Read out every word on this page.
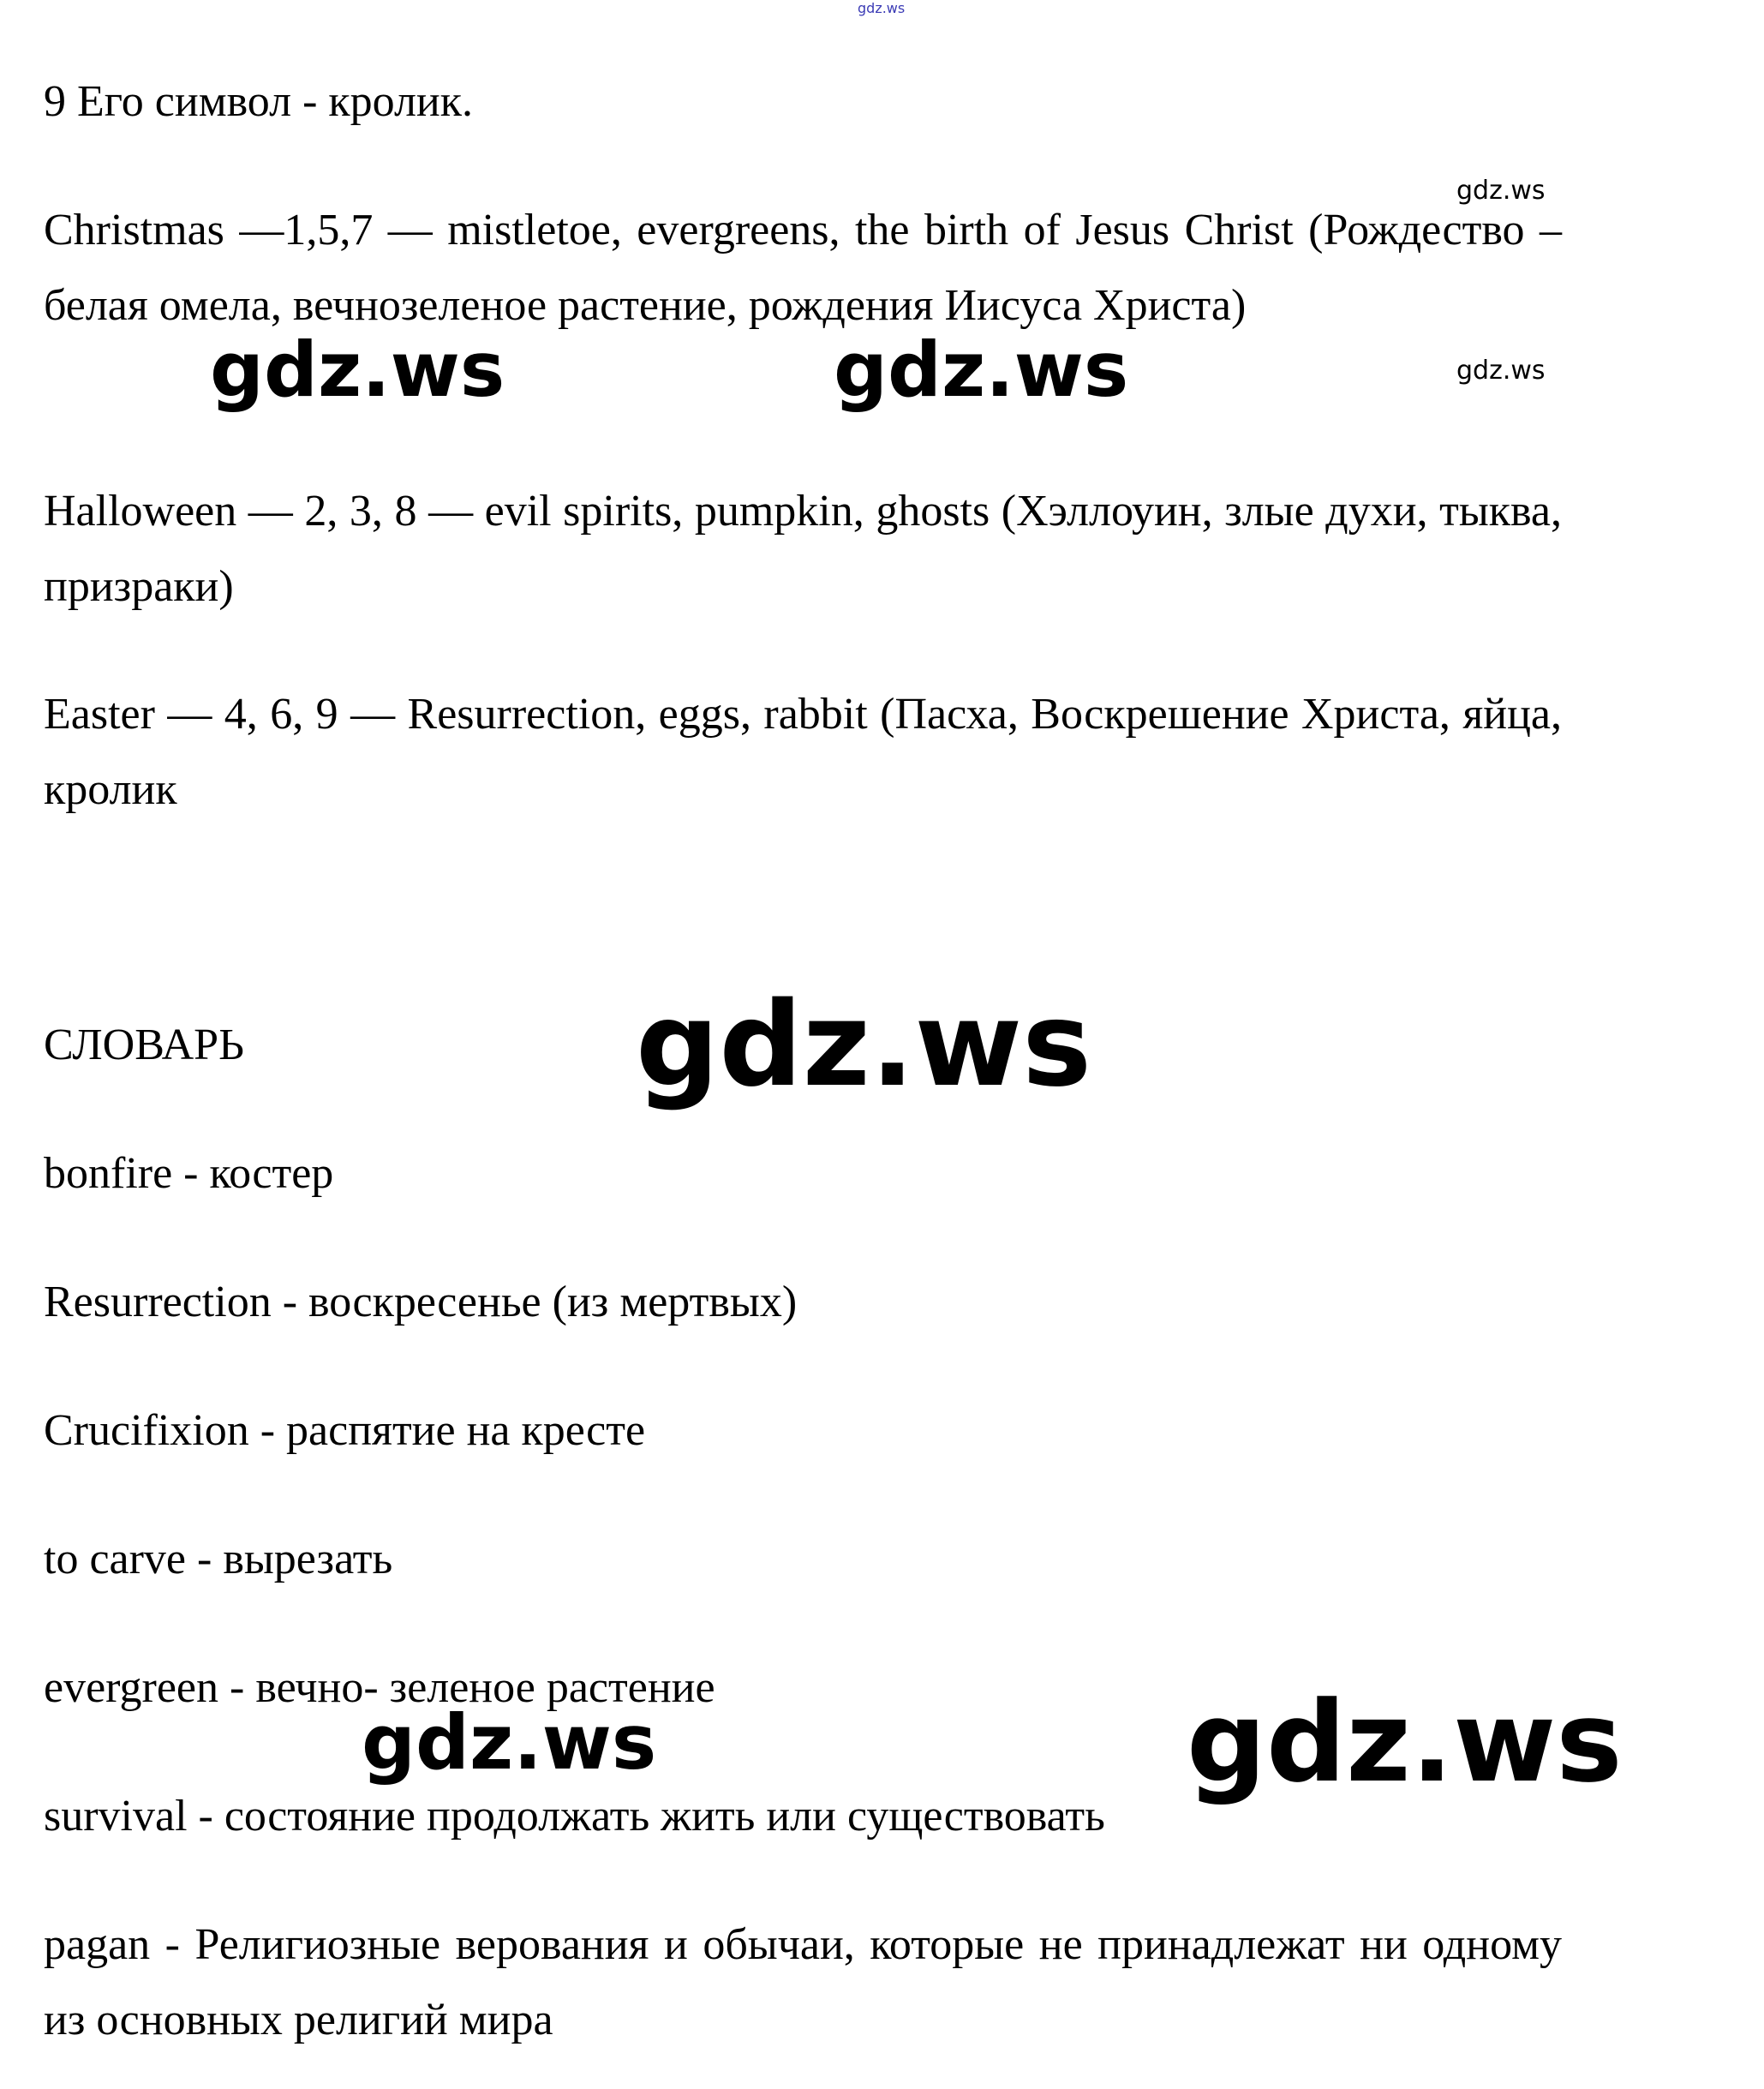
gdz.ws

9 Его символ - кролик.

Christmas —1,5,7 — mistletoe, evergreens, the birth of Jesus Christ (Рождество – белая омела, вечнозеленое растение, рождения Иисуса Христа)

Halloween — 2, 3, 8 — evil spirits, pumpkin, ghosts (Хэллоуин, злые духи, тыква, призраки)

Easter — 4, 6, 9 — Resurrection, eggs, rabbit (Пасха, Воскрешение Христа, яйца, кролик

СЛОВАРЬ

bonfire - костер

Resurrection - воскресенье (из мертвых)

Crucifixion - распятие на кресте

to carve - вырезать

evergreen - вечно- зеленое растение

survival - состояние продолжать жить или существовать

pagan - Религиозные верования и обычаи, которые не принадлежат ни одному из основных религий мира

gdz.ws
gdz.ws
gdz.ws	gdz.ws
gdz.ws
gdz.ws	gdz.ws
